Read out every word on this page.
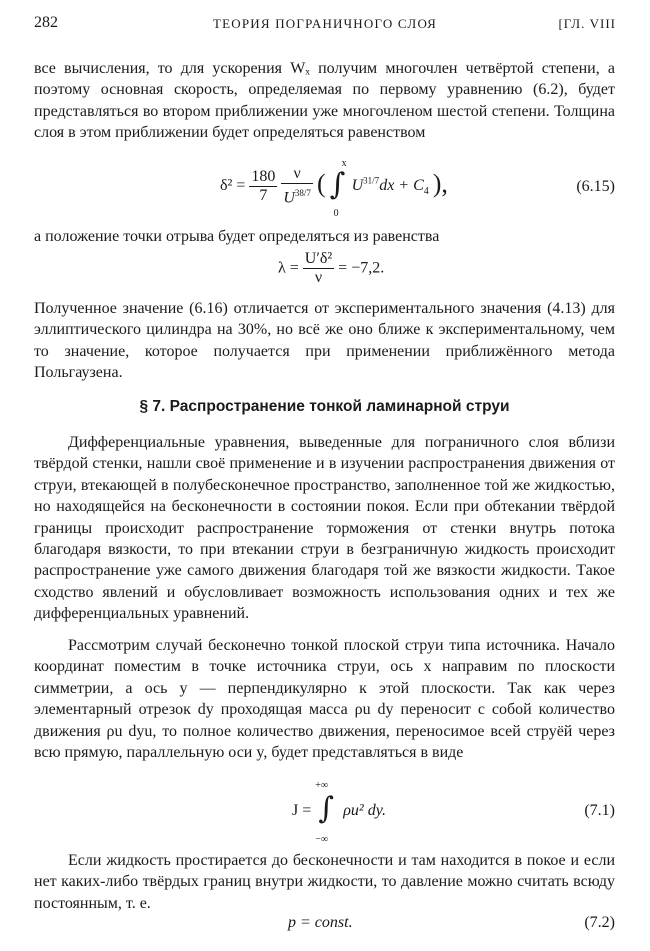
282	ТЕОРИЯ ПОГРАНИЧНОГО СЛОЯ	[ГЛ. VIII

все вычисления, то для ускорения Wₓ получим многочлен четвёртой степени, а поэтому основная скорость, определяемая по первому уравнению (6.2), будет представляться во втором приближении уже многочленом шестой степени. Толщина слоя в этом приближении будет определяться равенством

$\delta^2 = \frac{180}{7}$
$\frac{\nu}{U^{38/7}}$ ( ∫
x
0
$U^{31/7}dx + C_4$ ),	(6.15)

а положение точки отрыва будет определяться из равенства

$\lambda = \frac{\text{U′δ²}}{\nu} = -7,2$.

Полученное значение (6.16) отличается от экспериментального значения (4.13) для эллиптического цилиндра на 30%, но всё же оно ближе к экспериментальному, чем то значение, которое получается при применении приближённого метода Польгаузена.

§ 7. Распространение тонкой ламинарной струи

Дифференциальные уравнения, выведенные для пограничного слоя вблизи твёрдой стенки, нашли своё применение и в изучении распространения движения от струи, втекающей в полубесконечное пространство, заполненное той же жидкостью, но находящейся на бесконечности в состоянии покоя. Если при обтекании твёрдой границы происходит распространение торможения от стенки внутрь потока благодаря вязкости, то при втекании струи в безграничную жидкость происходит распространение уже самого движения благодаря той же вязкости жидкости. Такое сходство явлений и обусловливает возможность использования одних и тех же дифференциальных уравнений.

Рассмотрим случай бесконечно тонкой плоской струи типа источника. Начало координат поместим в точке источника струи, ось x направим по плоскости симметрии, а ось y — перпендикулярно к этой плоскости. Так как через элементарный отрезок dy проходящая масса ρu dy переносит с собой количество движения ρu dyu, то полное количество движения, переносимое всей струёй через всю прямую, параллельную оси y, будет представляться в виде

J = ∫
+∞
−∞
ρu² dy.	(7.1)

Если жидкость простирается до бесконечности и там находится в покое и если нет каких-либо твёрдых границ внутри жидкости, то давление можно считать всюду постоянным, т. е.

p = const.	(7.2)
